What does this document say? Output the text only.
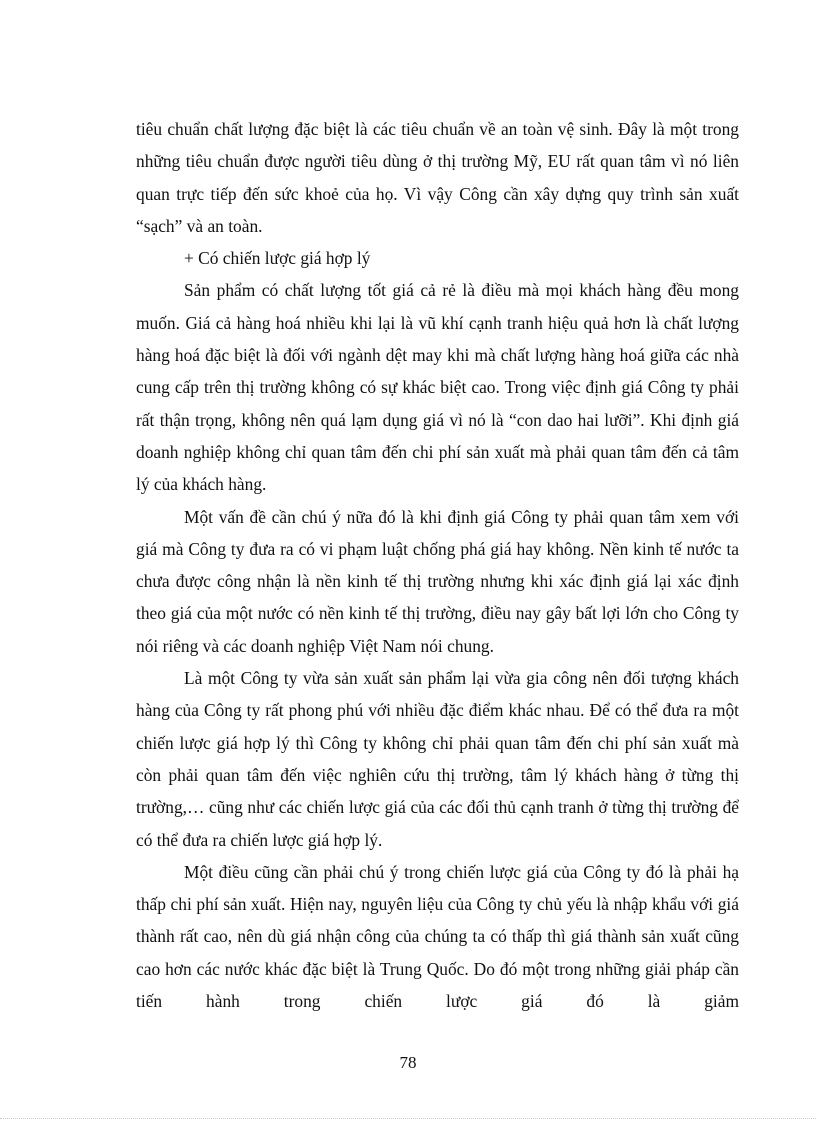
tiêu chuẩn chất lượng đặc biệt là các tiêu chuẩn về an toàn vệ sinh. Đây là một trong những tiêu chuẩn được người tiêu dùng ở thị trường Mỹ, EU rất quan tâm vì nó liên quan trực tiếp đến sức khoẻ của họ. Vì vậy Công cần xây dựng quy trình sản xuất “sạch” và an toàn.

+ Có chiến lược giá hợp lý

Sản phẩm có chất lượng tốt giá cả rẻ là điều mà mọi khách hàng đều mong muốn. Giá cả hàng hoá nhiều khi lại là vũ khí cạnh tranh hiệu quả hơn là chất lượng hàng hoá đặc biệt là đối với ngành dệt may khi mà chất lượng hàng hoá giữa các nhà cung cấp trên thị trường không có sự khác biệt cao. Trong việc định giá Công ty phải rất thận trọng, không nên quá lạm dụng giá vì nó là “con dao hai lưỡi”. Khi định giá doanh nghiệp không chỉ quan tâm đến chi phí sản xuất mà phải quan tâm đến cả tâm lý của khách hàng.

Một vấn đề cần chú ý nữa đó là khi định giá Công ty phải quan tâm xem với giá mà Công ty đưa ra có vi phạm luật chống phá giá hay không. Nền kinh tế nước ta chưa được công nhận là nền kinh tế thị trường nhưng khi xác định giá lại xác định theo giá của một nước có nền kinh tế thị trường, điều nay gây bất lợi lớn cho Công ty nói riêng và các doanh nghiệp Việt Nam nói chung.

Là một Công ty vừa sản xuất sản phẩm lại vừa gia công nên đối tượng khách hàng của Công ty rất phong phú với nhiều đặc điểm khác nhau. Để có thể đưa ra một chiến lược giá hợp lý thì Công ty không chỉ phải quan tâm đến chi phí sản xuất mà còn phải quan tâm đến việc nghiên cứu thị trường, tâm lý khách hàng ở từng thị trường,… cũng như các chiến lược giá của các đối thủ cạnh tranh ở từng thị trường để có thể đưa ra chiến lược giá hợp lý.

Một điều cũng cần phải chú ý trong chiến lược giá của Công ty đó là phải hạ thấp chi phí sản xuất. Hiện nay, nguyên liệu của Công ty chủ yếu là nhập khẩu với giá thành rất cao, nên dù giá nhận công của chúng ta có thấp thì giá thành sản xuất cũng cao hơn các nước khác đặc biệt là Trung Quốc. Do đó một trong những giải pháp cần tiến hành trong chiến lược giá đó là giảm

78
